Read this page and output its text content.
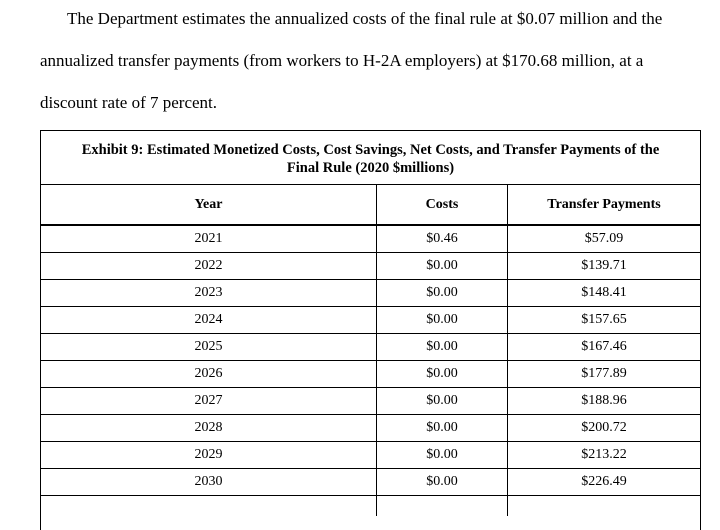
The Department estimates the annualized costs of the final rule at $0.07 million and the
annualized transfer payments (from workers to H-2A employers) at $170.68 million, at a
discount rate of 7 percent.
Exhibit 9: Estimated Monetized Costs, Cost Savings, Net Costs, and Transfer Payments of the
Final Rule (2020 $millions)
Year	Costs	Transfer Payments
2021	$0.46	$57.09
2022	$0.00	$139.71
2023	$0.00	$148.41
2024	$0.00	$157.65
2025	$0.00	$167.46
2026	$0.00	$177.89
2027	$0.00	$188.96
2028	$0.00	$200.72
2029	$0.00	$213.22
2030	$0.00	$226.49
